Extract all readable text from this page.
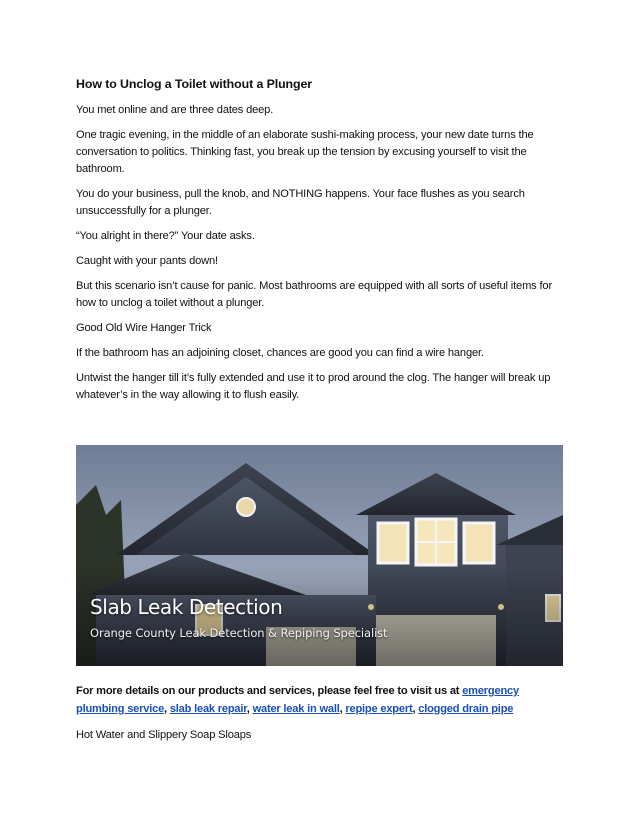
How to Unclog a Toilet without a Plunger

You met online and are three dates deep.

One tragic evening, in the middle of an elaborate sushi-making process, your new date turns the conversation to politics. Thinking fast, you break up the tension by excusing yourself to visit the bathroom.

You do your business, pull the knob, and NOTHING happens. Your face flushes as you search unsuccessfully for a plunger.

“You alright in there?” Your date asks.

Caught with your pants down!

But this scenario isn’t cause for panic. Most bathrooms are equipped with all sorts of useful items for how to unclog a toilet without a plunger.

Good Old Wire Hanger Trick

If the bathroom has an adjoining closet, chances are good you can find a wire hanger.

Untwist the hanger till it’s fully extended and use it to prod around the clog. The hanger will break up whatever’s in the way allowing it to flush easily.

Slab Leak Detection
Orange County Leak Detection & Repiping Specialist
For more details on our products and services, please feel free to visit us at emergency plumbing service, slab leak repair, water leak in wall, repipe expert, clogged drain pipe

Hot Water and Slippery Soap Sloaps
